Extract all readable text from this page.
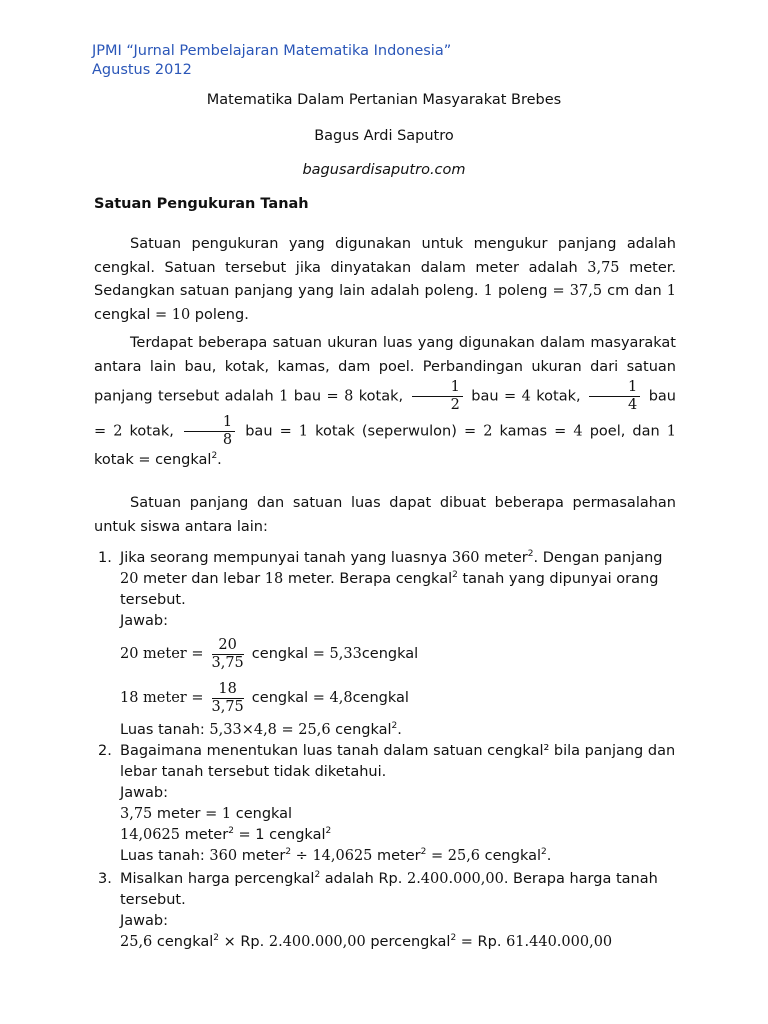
JPMI “Jurnal Pembelajaran Matematika Indonesia”
Agustus 2012
Matematika Dalam Pertanian Masyarakat Brebes
Bagus Ardi Saputro
bagusardisaputro.com
Satuan Pengukuran Tanah
Satuan pengukuran yang digunakan untuk mengukur panjang adalah cengkal. Satuan tersebut jika dinyatakan dalam meter adalah 3,75 meter. Sedangkan satuan panjang yang lain adalah poleng. 1 poleng = 37,5 cm dan 1 cengkal = 10 poleng.
Terdapat beberapa satuan ukuran luas yang digunakan dalam masyarakat antara lain bau, kotak, kamas, dam poel. Perbandingan ukuran dari satuan panjang tersebut adalah 1 bau = 8 kotak, $\frac{1}{2}$ bau = 4 kotak, $\frac{1}{4}$ bau = 2 kotak, $\frac{1}{8}$ bau = 1 kotak (seperwulon) = 2 kamas = 4 poel, dan 1 kotak = cengkal$^2$.
Satuan panjang dan satuan luas dapat dibuat beberapa permasalahan untuk siswa antara lain:
1. Jika seorang mempunyai tanah yang luasnya 360 meter$^2$. Dengan panjang 20 meter dan lebar 18 meter. Berapa cengkal$^2$ tanah yang dipunyai orang tersebut.
Jawab:
20 meter = $\frac{20}{3,75}$ cengkal =
5,33 cengkal
18 meter = $\frac{18}{3,75}$ cengkal =
4,8 cengkal
Luas tanah: 5,33×4,8 = 25,6 cengkal$^2$.
2. Bagaimana menentukan luas tanah dalam satuan cengkal² bila panjang dan lebar tanah tersebut tidak diketahui.
Jawab:
3,75 meter = 1 cengkal
14,0625 meter$^2$ = 1 cengkal$^2$
Luas tanah: 360 meter$^2$ ÷ 14,0625 meter$^2$ = 25,6 cengkal$^2$.
3. Misalkan harga percengkal$^2$ adalah Rp. 2.400.000,00. Berapa harga tanah tersebut.
Jawab:
25,6 cengkal$^2$ × Rp. 2.400.000,00 percengkal$^2$ = Rp. 61.440.000,00
